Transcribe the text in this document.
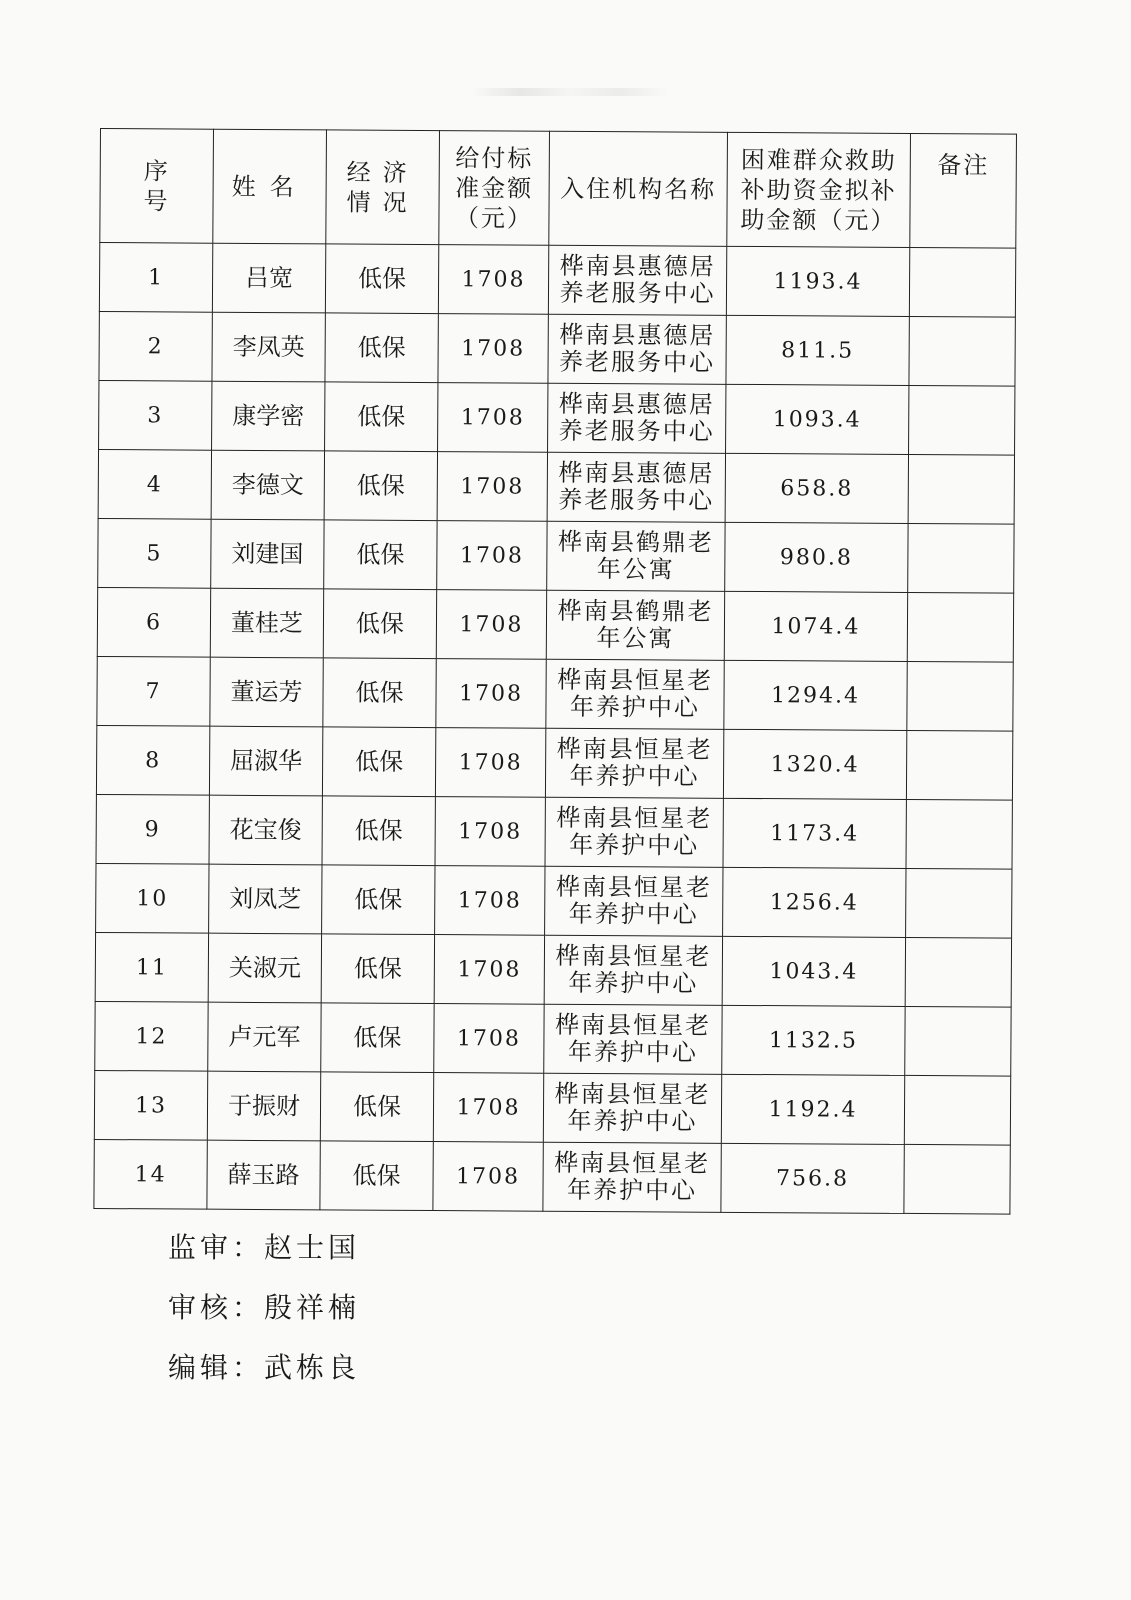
序号	姓名	经济情况	给付标准金额（元）	入住机构名称	困难群众救助补助资金拟补助金额（元）	备注
1	吕宽	低保	1708	桦南县惠德居养老服务中心	1193.4	
2	李凤英	低保	1708	桦南县惠德居养老服务中心	811.5	
3	康学密	低保	1708	桦南县惠德居养老服务中心	1093.4	
4	李德文	低保	1708	桦南县惠德居养老服务中心	658.8	
5	刘建国	低保	1708	桦南县鹤鼎老年公寓	980.8	
6	董桂芝	低保	1708	桦南县鹤鼎老年公寓	1074.4	
7	董运芳	低保	1708	桦南县恒星老年养护中心	1294.4	
8	屈淑华	低保	1708	桦南县恒星老年养护中心	1320.4	
9	花宝俊	低保	1708	桦南县恒星老年养护中心	1173.4	
10	刘凤芝	低保	1708	桦南县恒星老年养护中心	1256.4	
11	关淑元	低保	1708	桦南县恒星老年养护中心	1043.4	
12	卢元军	低保	1708	桦南县恒星老年养护中心	1132.5	
13	于振财	低保	1708	桦南县恒星老年养护中心	1192.4	
14	薛玉路	低保	1708	桦南县恒星老年养护中心	756.8	
监审：赵士国
审核：殷祥楠
编辑：武栋良
